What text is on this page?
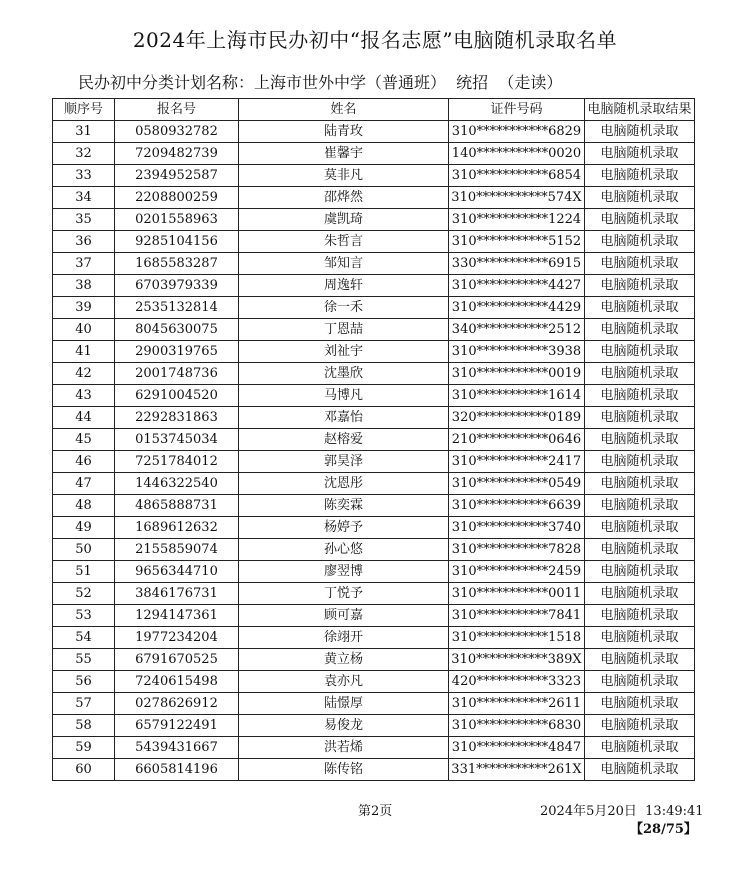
2024年上海市民办初中“报名志愿”电脑随机录取名单
民办初中分类计划名称：上海市世外中学（普通班）  统招  （走读）
顺序号	报名号	姓名	证件号码	电脑随机录取结果
31	0580932782	陆青玫	310***********6829	电脑随机录取
32	7209482739	崔馨宇	140***********0020	电脑随机录取
33	2394952587	莫非凡	310***********6854	电脑随机录取
34	2208800259	邵烨然	310***********574X	电脑随机录取
35	0201558963	虞凯琦	310***********1224	电脑随机录取
36	9285104156	朱哲言	310***********5152	电脑随机录取
37	1685583287	邹知言	330***********6915	电脑随机录取
38	6703979339	周逸轩	310***********4427	电脑随机录取
39	2535132814	徐一禾	310***********4429	电脑随机录取
40	8045630075	丁恩喆	340***********2512	电脑随机录取
41	2900319765	刘祉宇	310***********3938	电脑随机录取
42	2001748736	沈墨欣	310***********0019	电脑随机录取
43	6291004520	马博凡	310***********1614	电脑随机录取
44	2292831863	邓嘉怡	320***********0189	电脑随机录取
45	0153745034	赵榕爱	210***********0646	电脑随机录取
46	7251784012	郭昊泽	310***********2417	电脑随机录取
47	1446322540	沈恩彤	310***********0549	电脑随机录取
48	4865888731	陈奕霖	310***********6639	电脑随机录取
49	1689612632	杨婷予	310***********3740	电脑随机录取
50	2155859074	孙心悠	310***********7828	电脑随机录取
51	9656344710	廖翌博	310***********2459	电脑随机录取
52	3846176731	丁悦予	310***********0011	电脑随机录取
53	1294147361	顾可嘉	310***********7841	电脑随机录取
54	1977234204	徐翊开	310***********1518	电脑随机录取
55	6791670525	黄立杨	310***********389X	电脑随机录取
56	7240615498	袁亦凡	420***********3323	电脑随机录取
57	0278626912	陆憬厚	310***********2611	电脑随机录取
58	6579122491	易俊龙	310***********6830	电脑随机录取
59	5439431667	洪若烯	310***********4847	电脑随机录取
60	6605814196	陈传铭	331***********261X	电脑随机录取
第2页	2024年5月20日  13:49:41
【28/75】
